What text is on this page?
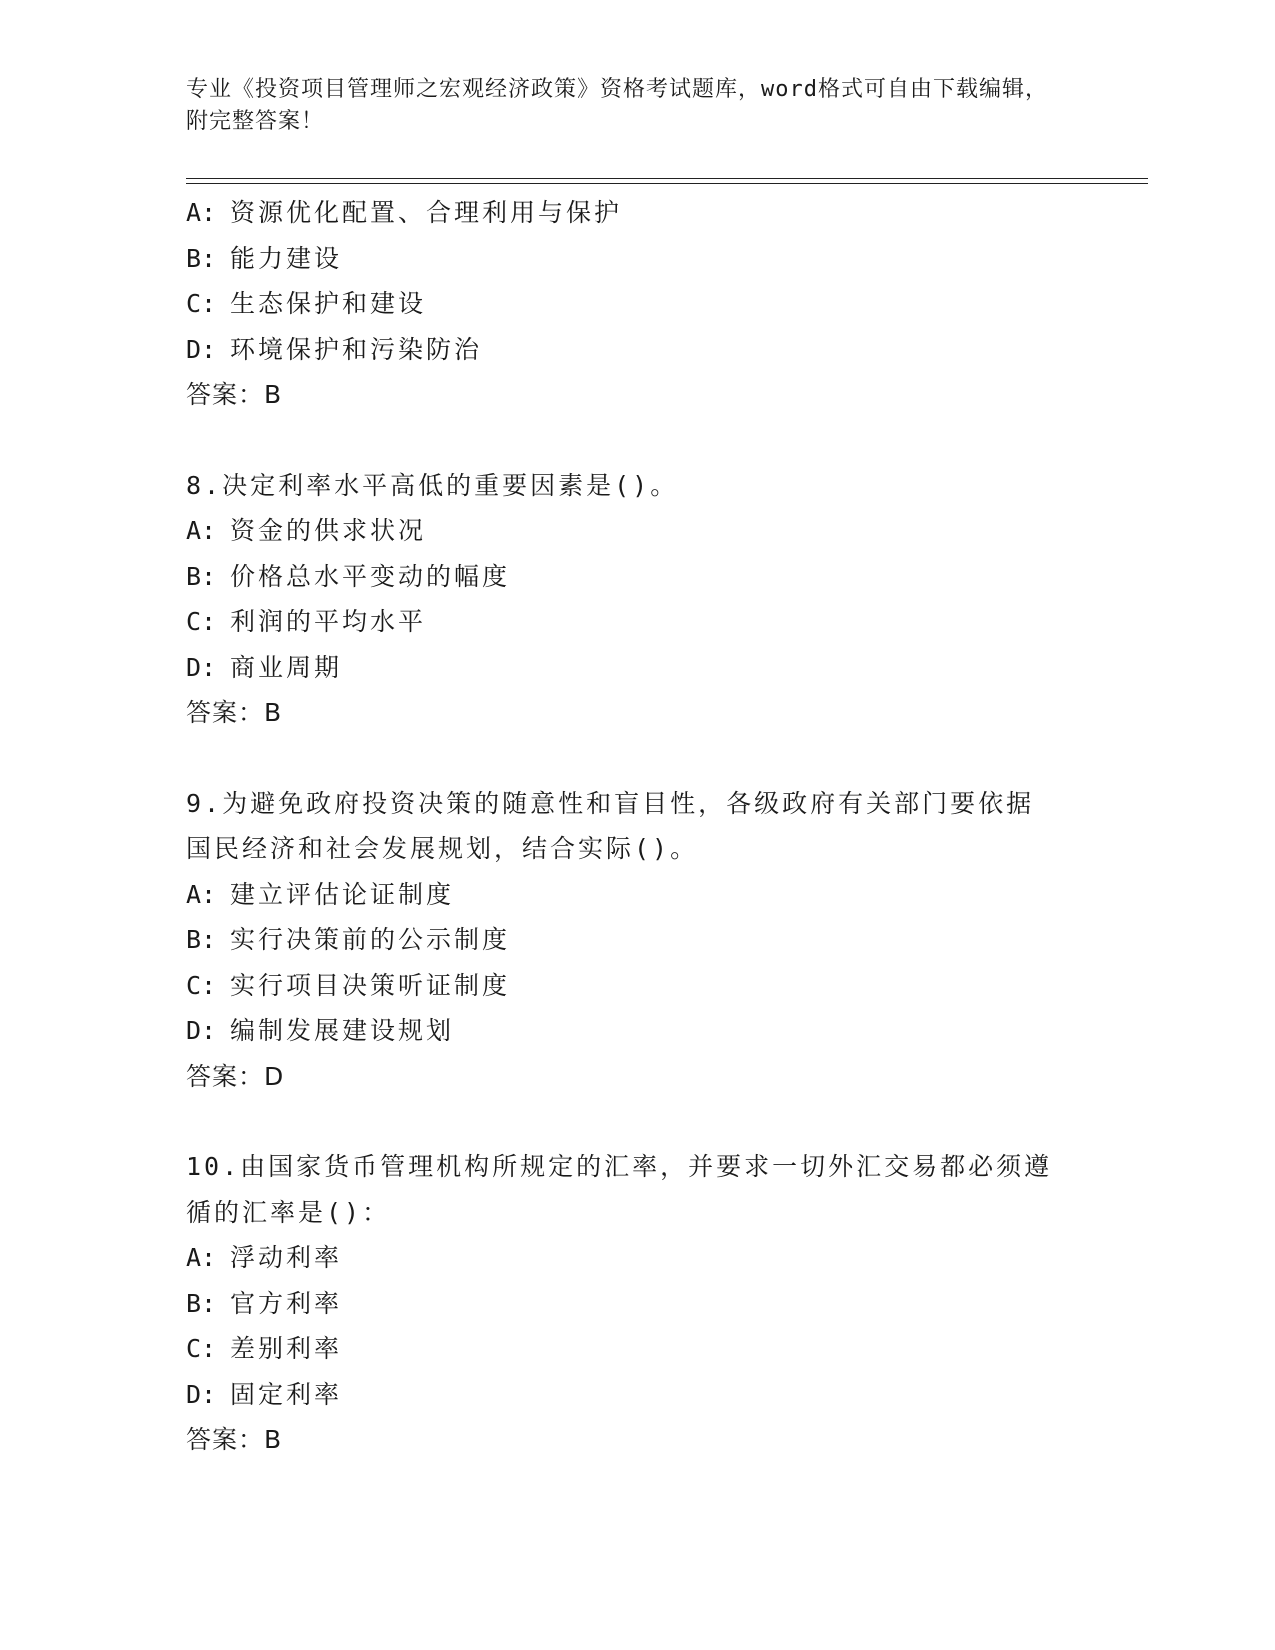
专业《投资项目管理师之宏观经济政策》资格考试题库，word格式可自由下载编辑，附完整答案！
A: 资源优化配置、合理利用与保护
B: 能力建设
C: 生态保护和建设
D: 环境保护和污染防治
答案：B
8.决定利率水平高低的重要因素是()。
A: 资金的供求状况
B: 价格总水平变动的幅度
C: 利润的平均水平
D: 商业周期
答案：B
9.为避免政府投资决策的随意性和盲目性，各级政府有关部门要依据
国民经济和社会发展规划，结合实际()。
A: 建立评估论证制度
B: 实行决策前的公示制度
C: 实行项目决策听证制度
D: 编制发展建设规划
答案：D
10.由国家货币管理机构所规定的汇率，并要求一切外汇交易都必须遵
循的汇率是()：
A: 浮动利率
B: 官方利率
C: 差别利率
D: 固定利率
答案：B
